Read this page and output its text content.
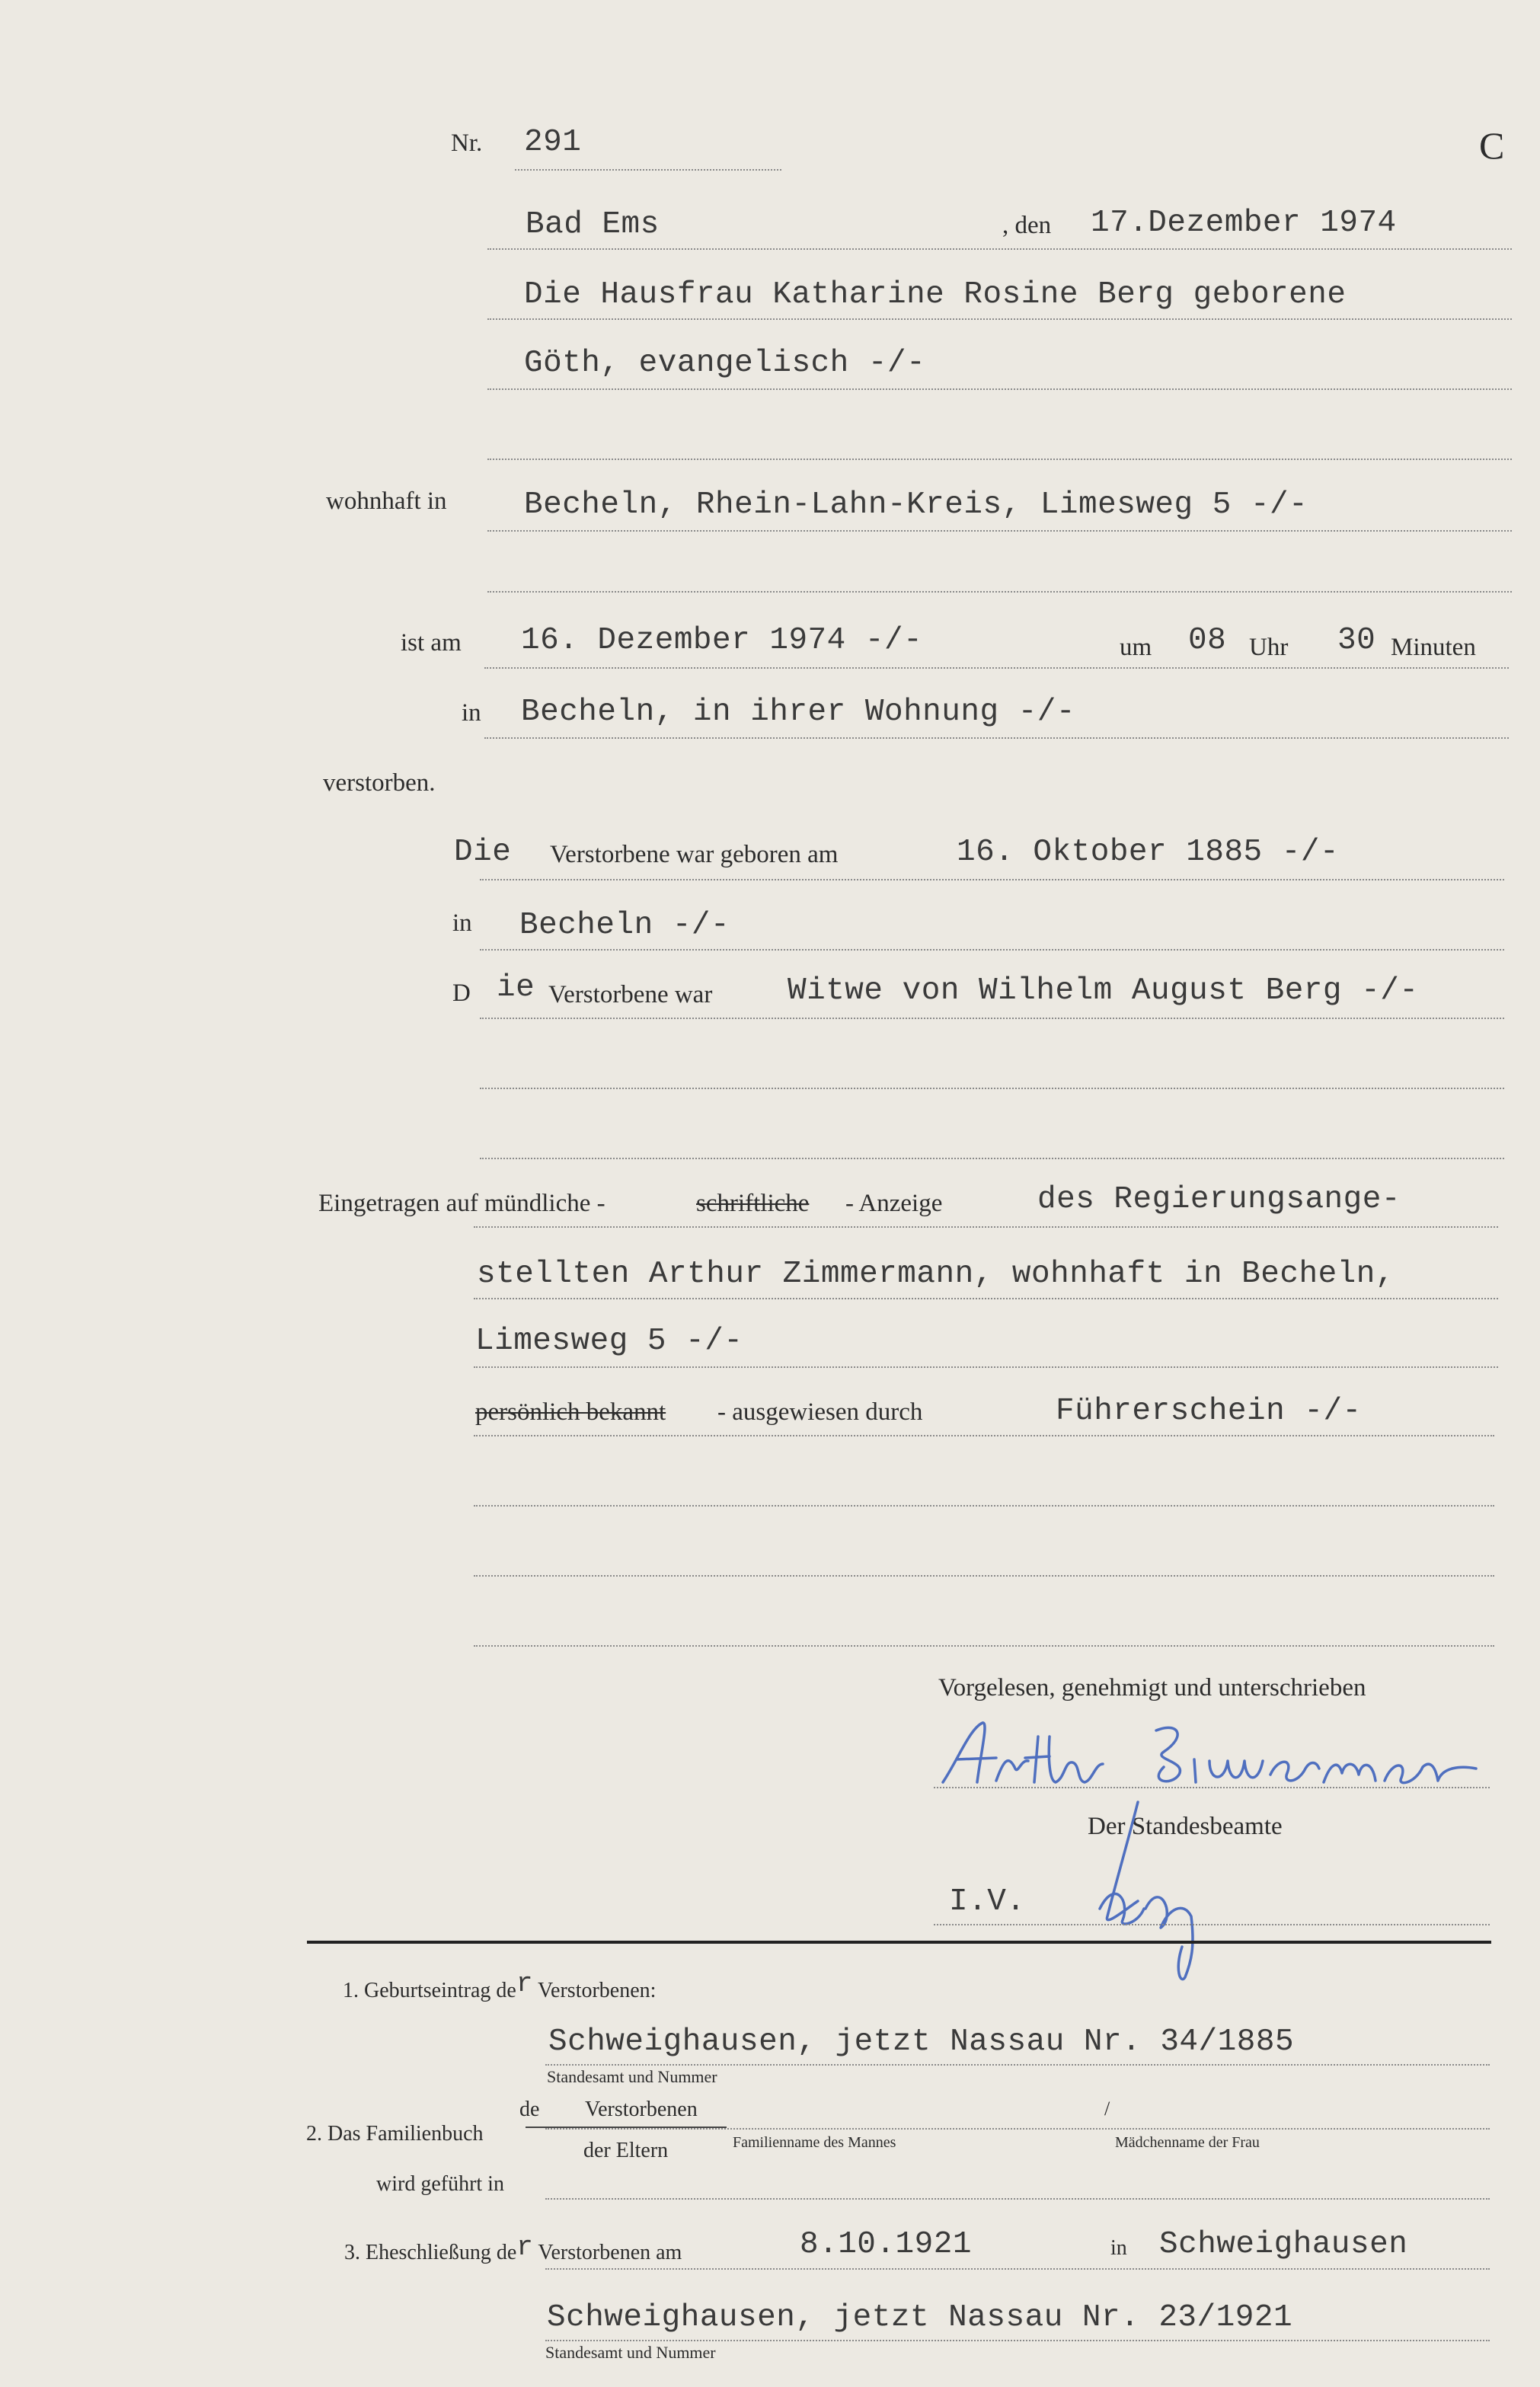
Nr. 291	C
Bad Ems	, den 17.Dezember 1974
Die Hausfrau Katharine Rosine Berg geborene
Göth, evangelisch -/-
wohnhaft in Becheln, Rhein-Lahn-Kreis, Limesweg 5 -/-
ist am 16. Dezember 1974 -/-	um 08 Uhr 30 Minuten
in Becheln, in ihrer Wohnung -/-
verstorben.
Die Verstorbene war geboren am	16. Oktober 1885 -/-
in Becheln -/-
D ie Verstorbene war Witwe von Wilhelm August Berg -/-
Eingetragen auf mündliche -	schriftliche - Anzeige	des Regierungsange-
stellten Arthur Zimmermann, wohnhaft in Becheln,
Limesweg 5 -/-
persönlich bekannt - ausgewiesen durch	Führerschein -/-
Vorgelesen, genehmigt und unterschrieben
Der Standesbeamte
I.V.
1. Geburtseintrag der Verstorbenen:
Schweighausen, jetzt Nassau Nr. 34/1885
Standesamt und Nummer
2. Das Familienbuch
de Verstorbenen
der Eltern	Familienname des Mannes
/
Mädchenname der Frau
wird geführt in
3. Eheschließung der Verstorbenen am	8.10.1921	in Schweighausen
Schweighausen, jetzt Nassau Nr. 23/1921
Standesamt und Nummer
